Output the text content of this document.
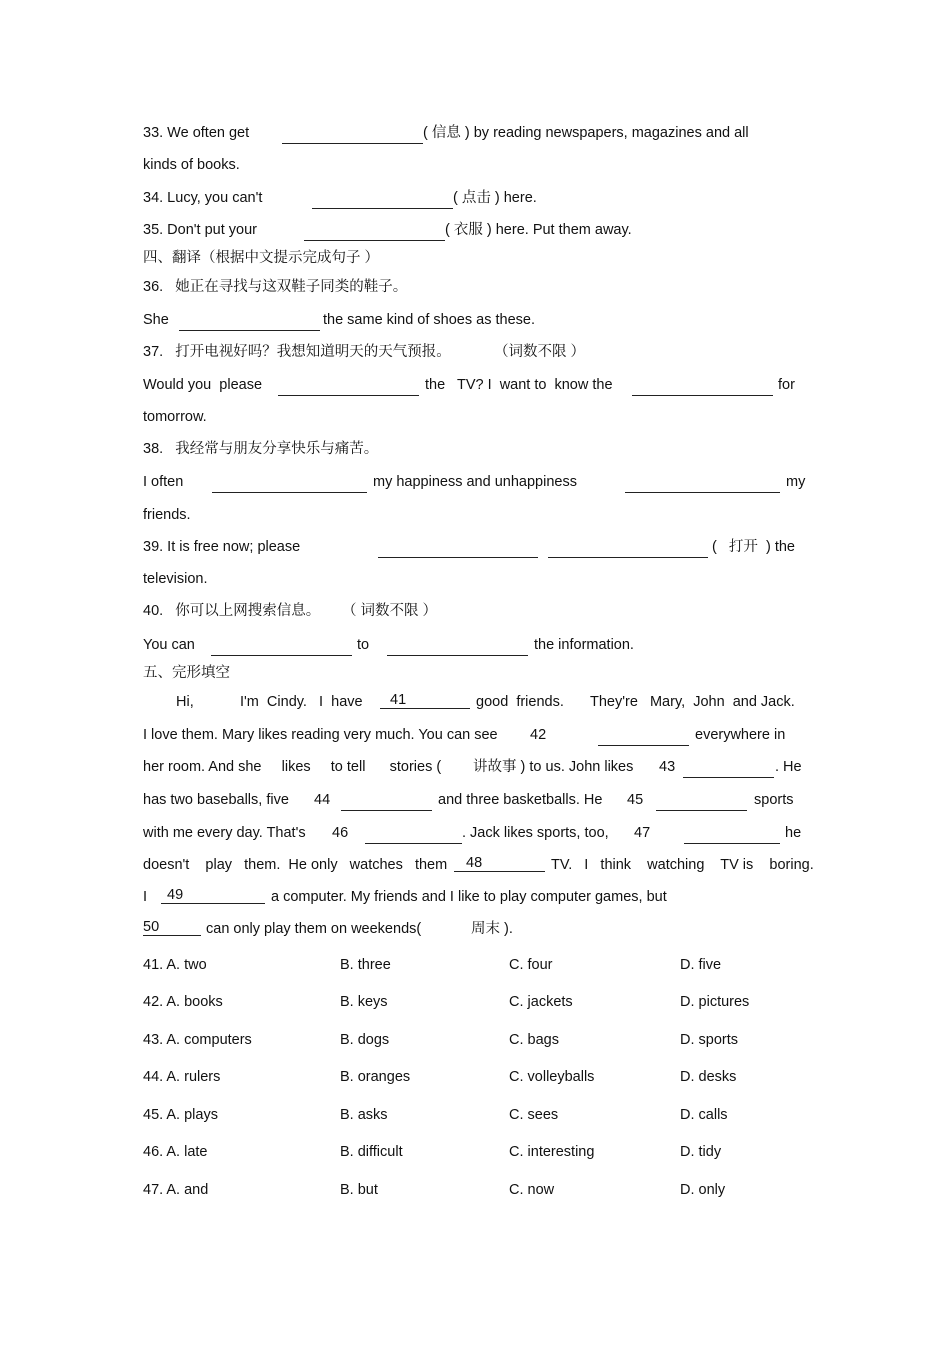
33. We often get	( 信息 ) by reading newspapers, magazines and all
kinds of books.
34. Lucy, you can't	( 点击 ) here.
35. Don't put your	( 衣服 ) here. Put them away.
四、翻译（根据中文提示完成句子 ）
36.   她正在寻找与这双鞋子同类的鞋子。
She	the same kind of shoes as these.
37.   打开电视好吗？我想知道明天的天气预报。	（词数不限 ）
Would you  please	the   TV? I  want to  know the	for
tomorrow.
38.   我经常与朋友分享快乐与痛苦。
I often	my happiness and unhappiness	my
friends.
39. It is free now; please	(   打开  ) the
television.
40.   你可以上网搜索信息。 （ 词数不限 ）
You can	to	the information.
五、完形填空
Hi,	I'm  Cindy.   I  have	41	good  friends. They're   Mary,  John  and Jack.
I love them. Mary likes reading very much. You can see 42	everywhere in
her room. And she     likes     to tell      stories ( 讲故事 ) to us. John likes 43	. He
has two baseballs, five 44	and three basketballs. He 45	sports
with me every day. That's 46	. Jack likes sports, too, 47	he
doesn't    play   them.  He only   watches   them	48	TV.   I   think    watching    TV is    boring.
I	49	a computer. My friends and I like to play computer games, but
50	can only play them on weekends(	周末 ).
41. A. two	B. three	C. four	D. five
42. A. books	B. keys	C. jackets	D. pictures
43. A. computers	B. dogs	C. bags	D. sports
44. A. rulers	B. oranges	C. volleyballs	D. desks
45. A. plays	B. asks	C. sees	D. calls
46. A. late	B. difficult	C. interesting	D. tidy
47. A. and	B. but	C. now	D. only
